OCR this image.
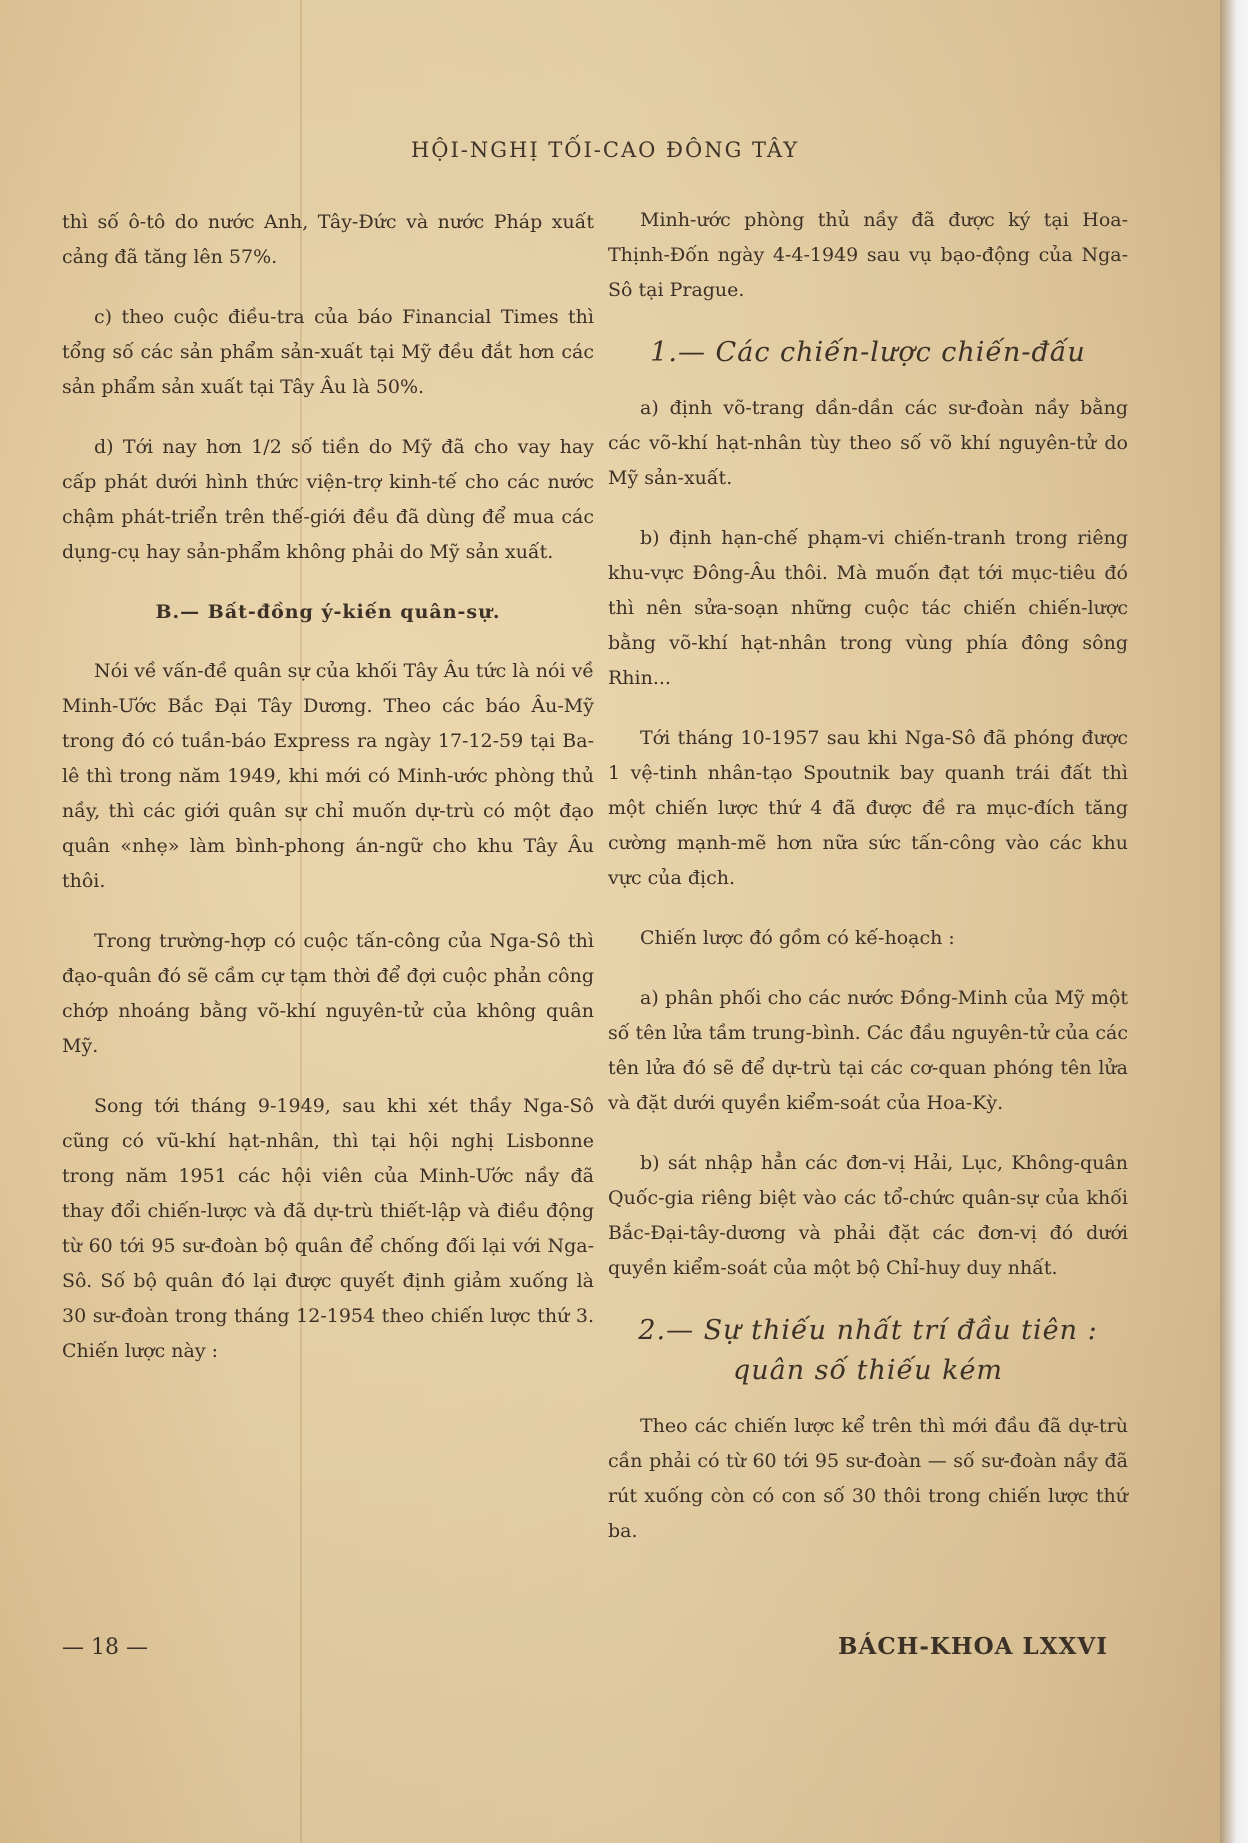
HỘI-NGHỊ TỐI-CAO ĐÔNG TÂY

thì số ô-tô do nước Anh, Tây-Đức và nước Pháp xuất cảng đã tăng lên 57%.

c) theo cuộc điều-tra của báo Financial Times thì tổng số các sản phẩm sản-xuất tại Mỹ đều đắt hơn các sản phẩm sản xuất tại Tây Âu là 50%.

d) Tới nay hơn 1/2 số tiền do Mỹ đã cho vay hay cấp phát dưới hình thức viện-trợ kinh-tế cho các nước chậm phát-triển trên thế-giới đều đã dùng để mua các dụng-cụ hay sản-phẩm không phải do Mỹ sản xuất.

B.— Bất-đồng ý-kiến quân-sự.

Nói về vấn-đề quân sự của khối Tây Âu tức là nói về Minh-Ước Bắc Đại Tây Dương. Theo các báo Âu-Mỹ trong đó có tuần-báo Express ra ngày 17-12-59 tại Ba-lê thì trong năm 1949, khi mới có Minh-ước phòng thủ nầy, thì các giới quân sự chỉ muốn dự-trù có một đạo quân «nhẹ» làm bình-phong án-ngữ cho khu Tây Âu thôi.

Trong trường-hợp có cuộc tấn-công của Nga-Sô thì đạo-quân đó sẽ cầm cự tạm thời để đợi cuộc phản công chớp nhoáng bằng võ-khí nguyên-tử của không quân Mỹ.

Song tới tháng 9-1949, sau khi xét thầy Nga-Sô cũng có vũ-khí hạt-nhân, thì tại hội nghị Lisbonne trong năm 1951 các hội viên của Minh-Ước nầy đã thay đổi chiến-lược và đã dự-trù thiết-lập và điều động từ 60 tới 95 sư-đoàn bộ quân để chống đối lại với Nga-Sô. Số bộ quân đó lại được quyết định giảm xuống là 30 sư-đoàn trong tháng 12-1954 theo chiến lược thứ 3. Chiến lược này :

Minh-ước phòng thủ nầy đã được ký tại Hoa-Thịnh-Đốn ngày 4-4-1949 sau vụ bạo-động của Nga-Sô tại Prague.

1.— Các chiến-lược chiến-đấu

a) định võ-trang dần-dần các sư-đoàn nầy bằng các võ-khí hạt-nhân tùy theo số võ khí nguyên-tử do Mỹ sản-xuất.

b) định hạn-chế phạm-vi chiến-tranh trong riêng khu-vực Đông-Âu thôi. Mà muốn đạt tới mục-tiêu đó thì nên sửa-soạn những cuộc tác chiến chiến-lược bằng võ-khí hạt-nhân trong vùng phía đông sông Rhin...

Tới tháng 10-1957 sau khi Nga-Sô đã phóng được 1 vệ-tinh nhân-tạo Spoutnik bay quanh trái đất thì một chiến lược thứ 4 đã được đề ra mục-đích tăng cường mạnh-mẽ hơn nữa sức tấn-công vào các khu vực của địch.

Chiến lược đó gồm có kế-hoạch :

a) phân phối cho các nước Đồng-Minh của Mỹ một số tên lửa tầm trung-bình. Các đầu nguyên-tử của các tên lửa đó sẽ để dự-trù tại các cơ-quan phóng tên lửa và đặt dưới quyền kiểm-soát của Hoa-Kỳ.

b) sát nhập hẳn các đơn-vị Hải, Lục, Không-quân Quốc-gia riêng biệt vào các tổ-chức quân-sự của khối Bắc-Đại-tây-dương và phải đặt các đơn-vị đó dưới quyền kiểm-soát của một bộ Chỉ-huy duy nhất.

2.— Sự thiếu nhất trí đầu tiên :
quân số thiếu kém

Theo các chiến lược kể trên thì mới đầu đã dự-trù cần phải có từ 60 tới 95 sư-đoàn — số sư-đoàn nầy đã rút xuống còn có con số 30 thôi trong chiến lược thứ ba.

— 18 —	BÁCH-KHOA LXXVI
